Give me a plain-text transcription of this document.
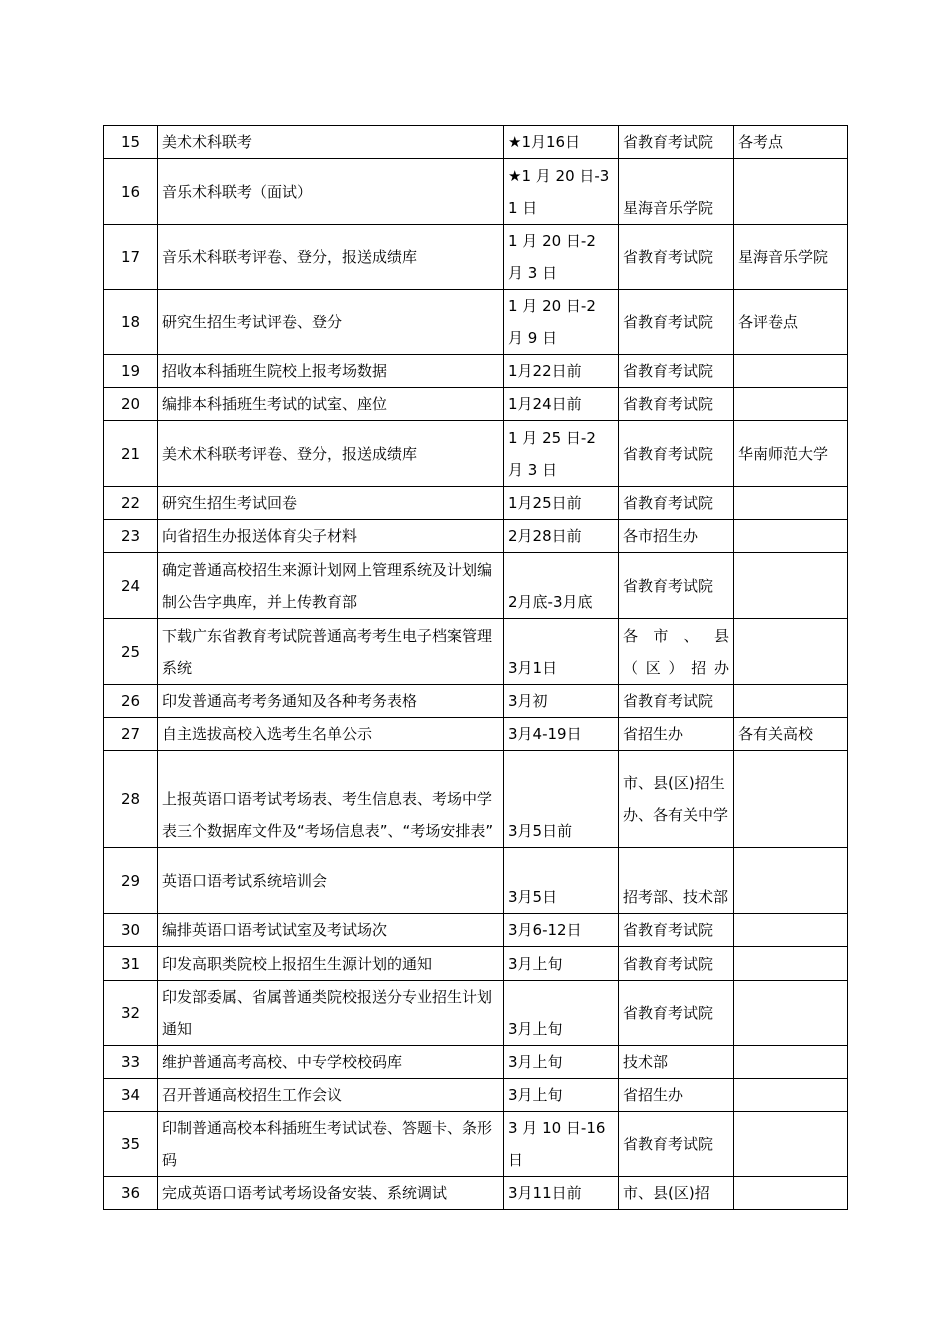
15	美术术科联考	★1月16日	省教育考试院	各考点
16	音乐术科联考（面试）	★1 月 20 日-31 日	星海音乐学院	
17	音乐术科联考评卷、登分，报送成绩库	1 月 20 日-2 月 3 日	省教育考试院	星海音乐学院
18	研究生招生考试评卷、登分	1 月 20 日-2 月 9 日	省教育考试院	各评卷点
19	招收本科插班生院校上报考场数据	1月22日前	省教育考试院	
20	编排本科插班生考试的试室、座位	1月24日前	省教育考试院	
21	美术术科联考评卷、登分，报送成绩库	1 月 25 日-2 月 3 日	省教育考试院	华南师范大学
22	研究生招生考试回卷	1月25日前	省教育考试院	
23	向省招生办报送体育尖子材料	2月28日前	各市招生办	
24	确定普通高校招生来源计划网上管理系统及计划编制公告字典库，并上传教育部	2月底-3月底	省教育考试院	
25	下载广东省教育考试院普通高考考生电子档案管理系统	3月1日	各 市 、 县（区）招办	
26	印发普通高考考务通知及各种考务表格	3月初	省教育考试院	
27	自主选拔高校入选考生名单公示	3月4-19日	省招生办	各有关高校
28	上报英语口语考试考场表、考生信息表、考场中学表三个数据库文件及“考场信息表”、“考场安排表”	3月5日前	市、县(区)招生办、各有关中学	
29	英语口语考试系统培训会	3月5日	招考部、技术部	
30	编排英语口语考试试室及考试场次	3月6-12日	省教育考试院	
31	印发高职类院校上报招生生源计划的通知	3月上旬	省教育考试院	
32	印发部委属、省属普通类院校报送分专业招生计划通知	3月上旬	省教育考试院	
33	维护普通高考高校、中专学校校码库	3月上旬	技术部	
34	召开普通高校招生工作会议	3月上旬	省招生办	
35	印制普通高校本科插班生考试试卷、答题卡、条形码	3 月 10 日-16 日	省教育考试院	
36	完成英语口语考试考场设备安装、系统调试	3月11日前	市、县(区)招	
